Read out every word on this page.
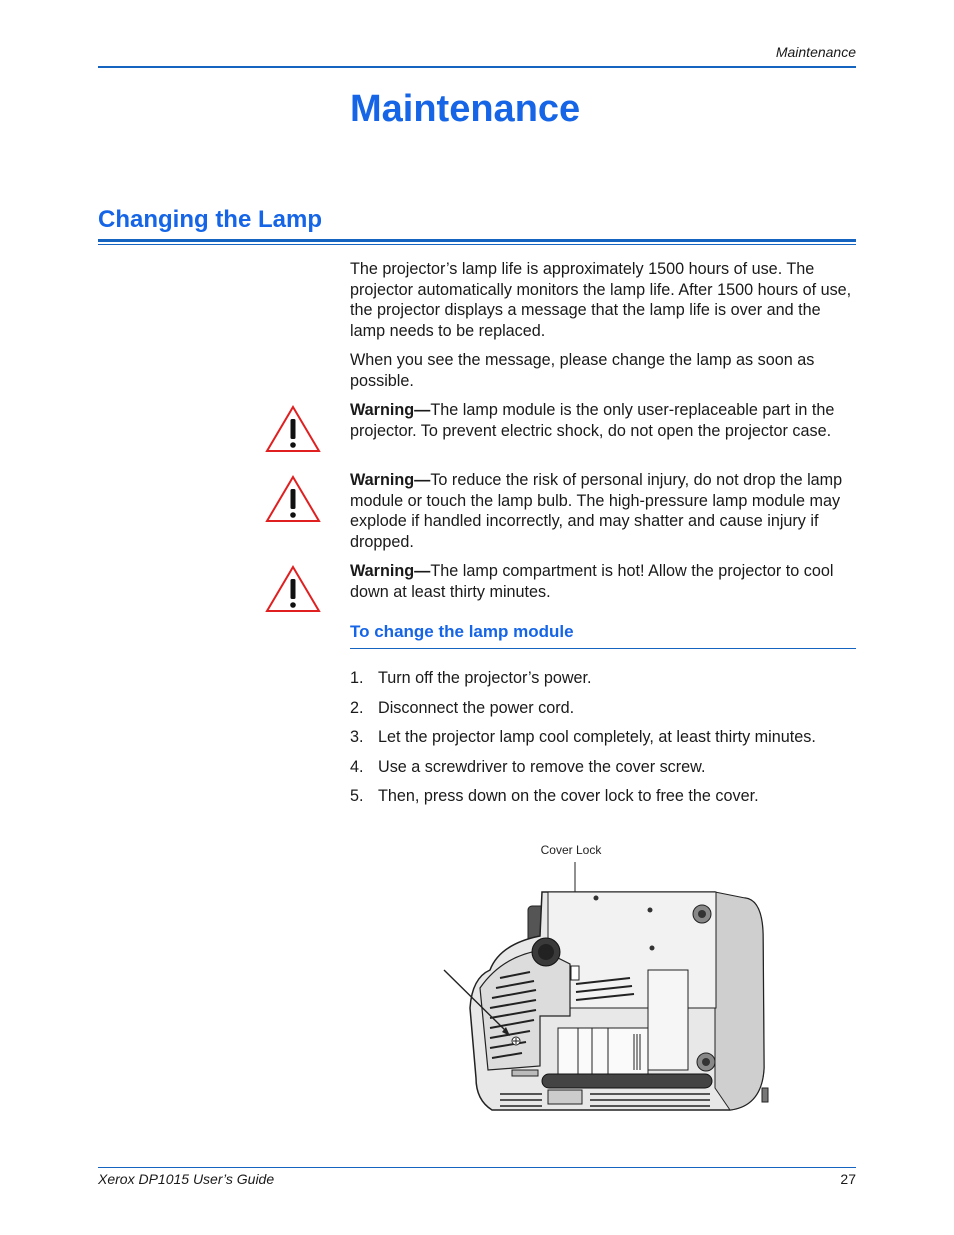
Maintenance
Maintenance
Changing the Lamp

The projector’s lamp life is approximately 1500 hours of use. The projector automatically monitors the lamp life. After 1500 hours of use, the projector displays a message that the lamp life is over and the lamp needs to be replaced.

When you see the message, please change the lamp as soon as possible.

Warning—The lamp module is the only user-replaceable part in the projector. To prevent electric shock, do not open the projector case.

Warning—To reduce the risk of personal injury, do not drop the lamp module or touch the lamp bulb. The high-pressure lamp module may explode if handled incorrectly, and may shatter and cause injury if dropped.

Warning—The lamp compartment is hot! Allow the projector to cool down at least thirty minutes.

To change the lamp module
1. Turn off the projector’s power.
2. Disconnect the power cord.
3. Let the projector lamp cool completely, at least thirty minutes.
4. Use a screwdriver to remove the cover screw.
5. Then, press down on the cover lock to free the cover.
Cover Lock
Xerox DP1015 User’s Guide	27
